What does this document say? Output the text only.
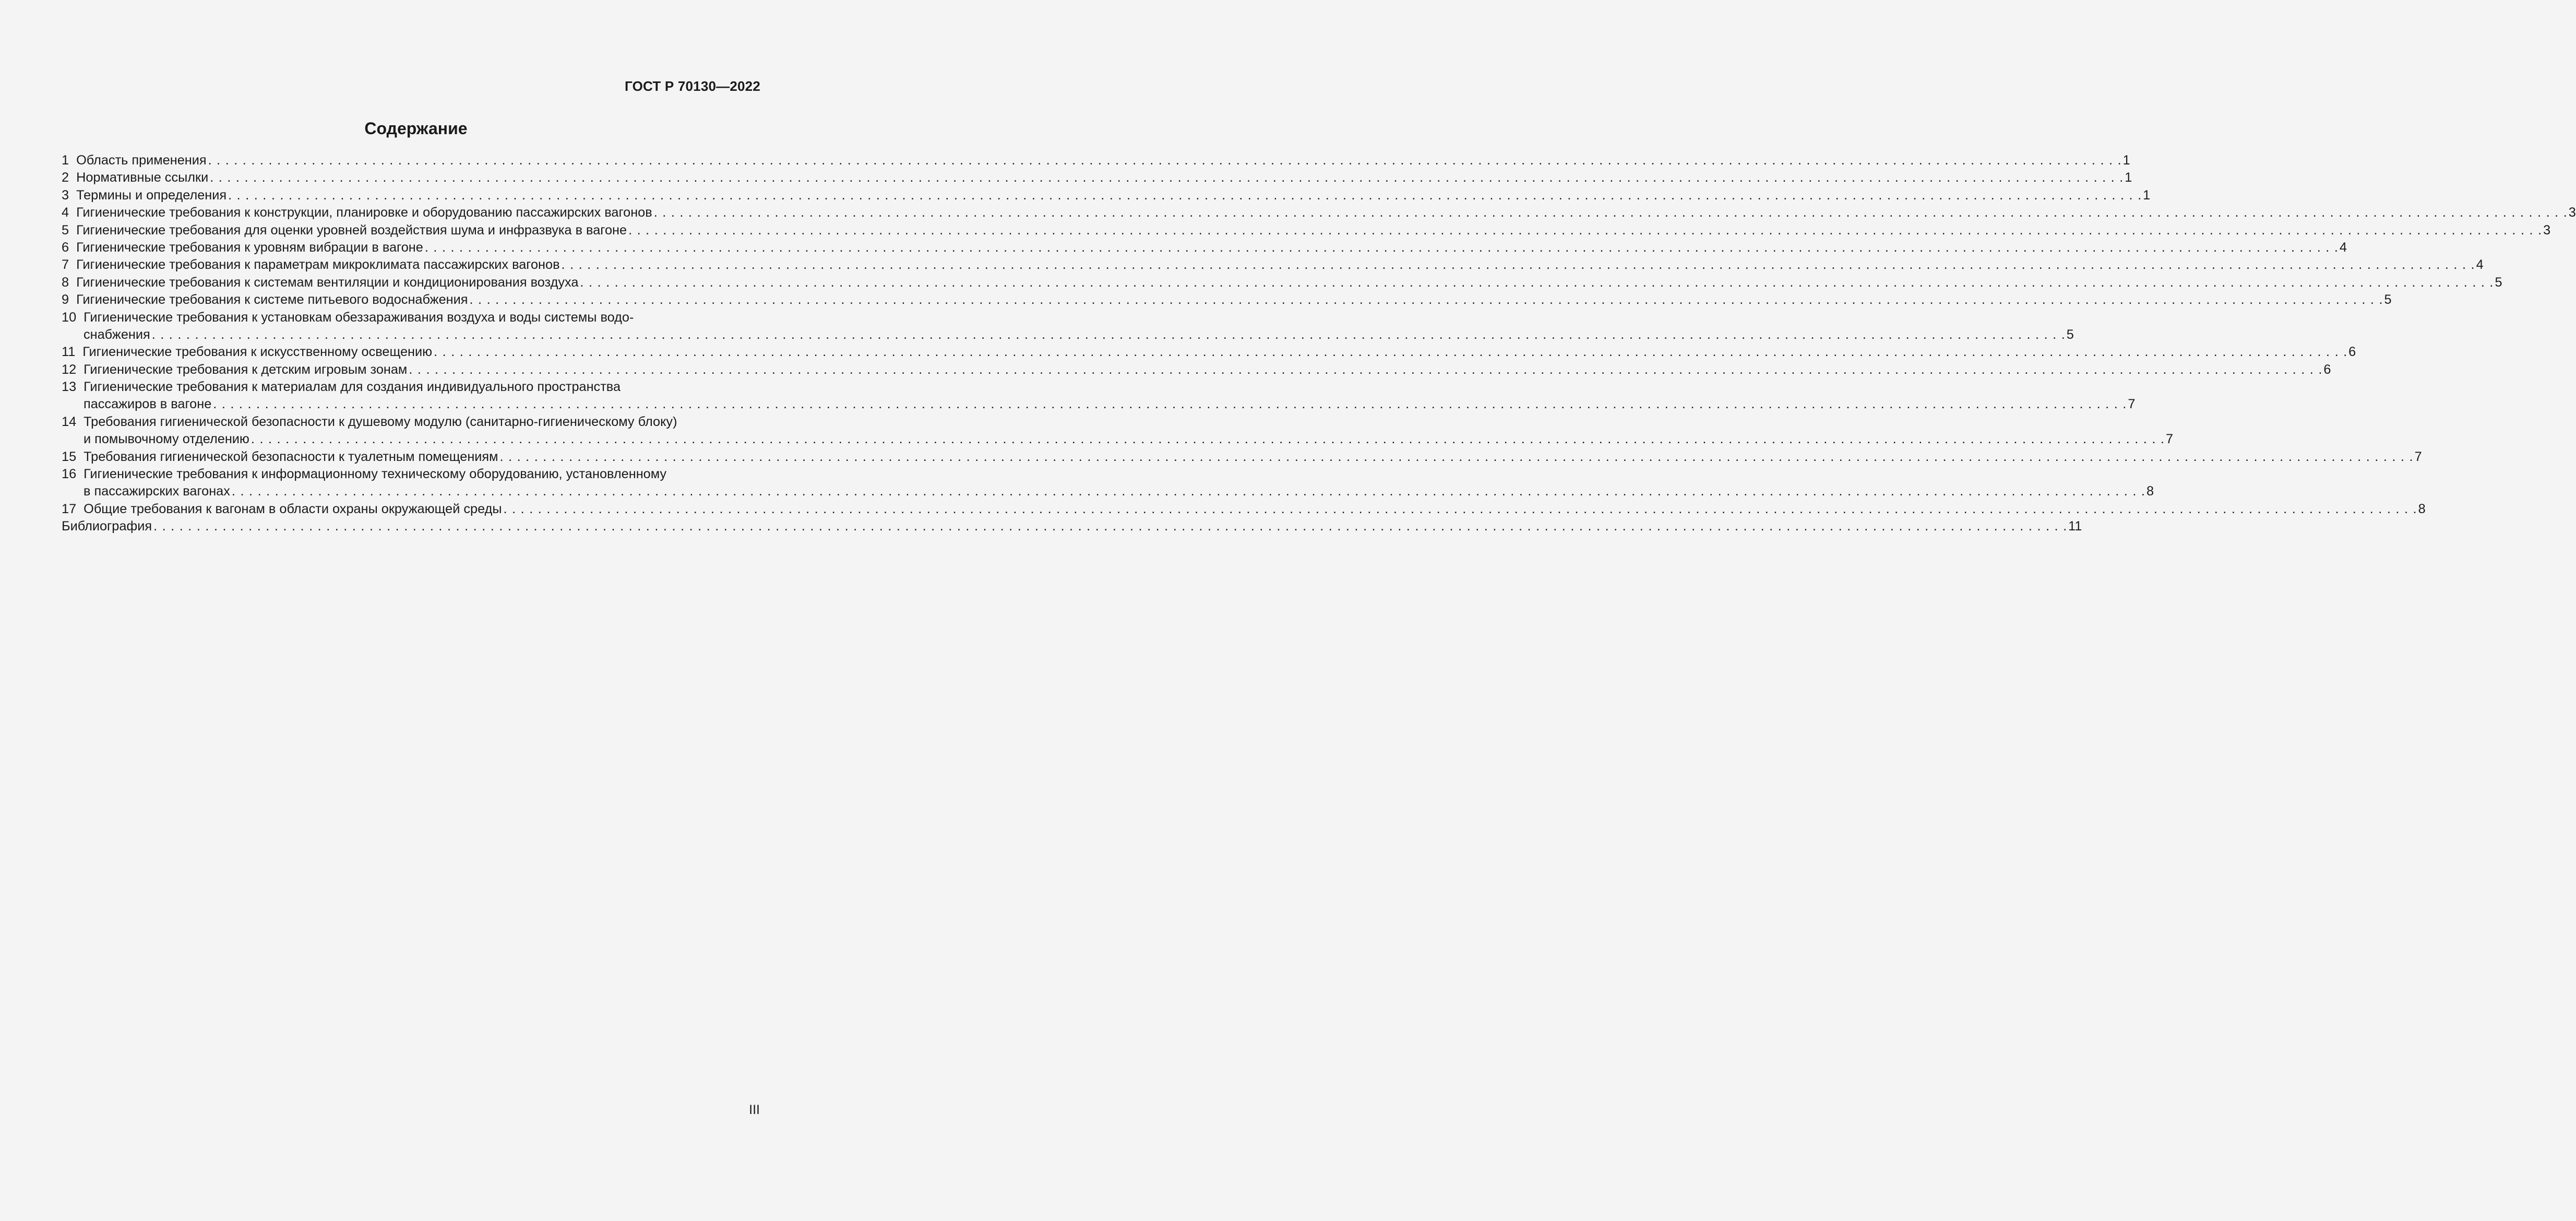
ГОСТ Р 70130—2022
Содержание
1 Область применения . . .	1
2 Нормативные ссылки . . .	1
3 Термины и определения . . .	1
4 Гигиенические требования к конструкции, планировке и оборудованию пассажирских вагонов . . .	3
5 Гигиенические требования для оценки уровней воздействия шума и инфразвука в вагоне . . .	3
6 Гигиенические требования к уровням вибрации в вагоне . . .	4
7 Гигиенические требования к параметрам микроклимата пассажирских вагонов . . .	4
8 Гигиенические требования к системам вентиляции и кондиционирования воздуха . . .	5
9 Гигиенические требования к системе питьевого водоснабжения . . .	5
10 Гигиенические требования к установкам обеззараживания воздуха и воды системы водо-
снабжения . . .	5
11 Гигиенические требования к искусственному освещению . . .	6
12 Гигиенические требования к детским игровым зонам . . .	6
13 Гигиенические требования к материалам для создания индивидуального пространства
пассажиров в вагоне . . .	7
14 Требования гигиенической безопасности к душевому модулю (санитарно-гигиеническому блоку)
и помывочному отделению . . .	7
15 Требования гигиенической безопасности к туалетным помещениям . . .	7
16 Гигиенические требования к информационному техническому оборудованию, установленному
в пассажирских вагонах . . .	8
17 Общие требования к вагонам в области охраны окружающей среды . . .	8
Библиография . . .	11
III
